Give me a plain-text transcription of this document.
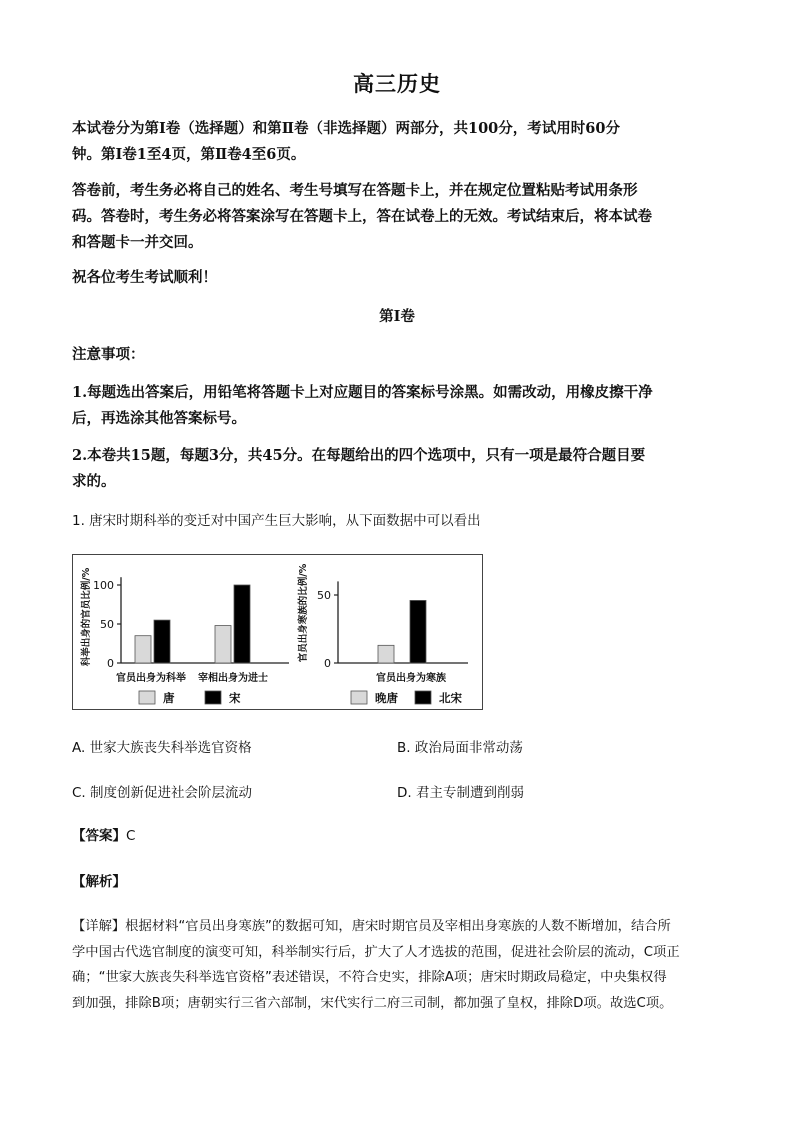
高三历史
本试卷分为第Ⅰ卷（选择题）和第Ⅱ卷（非选择题）两部分，共100分，考试用时60分
钟。第Ⅰ卷1至4页，第Ⅱ卷4至6页。
答卷前，考生务必将自己的姓名、考生号填写在答题卡上，并在规定位置粘贴考试用条形
码。答卷时，考生务必将答案涂写在答题卡上，答在试卷上的无效。考试结束后，将本试卷
和答题卡一并交回。
祝各位考生考试顺利！
第Ⅰ卷
注意事项：
1.每题选出答案后，用铅笔将答题卡上对应题目的答案标号涂黑。如需改动，用橡皮擦干净
后，再选涂其他答案标号。
2.本卷共15题，每题3分，共45分。在每题给出的四个选项中，只有一项是最符合题目要
求的。
1. 唐宋时期科举的变迁对中国产生巨大影响，从下面数据中可以看出
0
50
100
科举出身的官员比例/%
官员出身为科举 宰相出身为进士
唐	宋
0
50
官员出身寒族的比例/%
官员出身为寒族
晚唐	北宋
A. 世家大族丧失科举选官资格	B. 政治局面非常动荡
C. 制度创新促进社会阶层流动	D. 君主专制遭到削弱
【答案】C
【解析】
【详解】根据材料“官员出身寒族”的数据可知，唐宋时期官员及宰相出身寒族的人数不断增加，结合所
学中国古代选官制度的演变可知，科举制实行后，扩大了人才选拔的范围，促进社会阶层的流动，C项正
确；“世家大族丧失科举选官资格”表述错误，不符合史实，排除A项；唐宋时期政局稳定，中央集权得
到加强，排除B项；唐朝实行三省六部制，宋代实行二府三司制，都加强了皇权，排除D项。故选C项。
